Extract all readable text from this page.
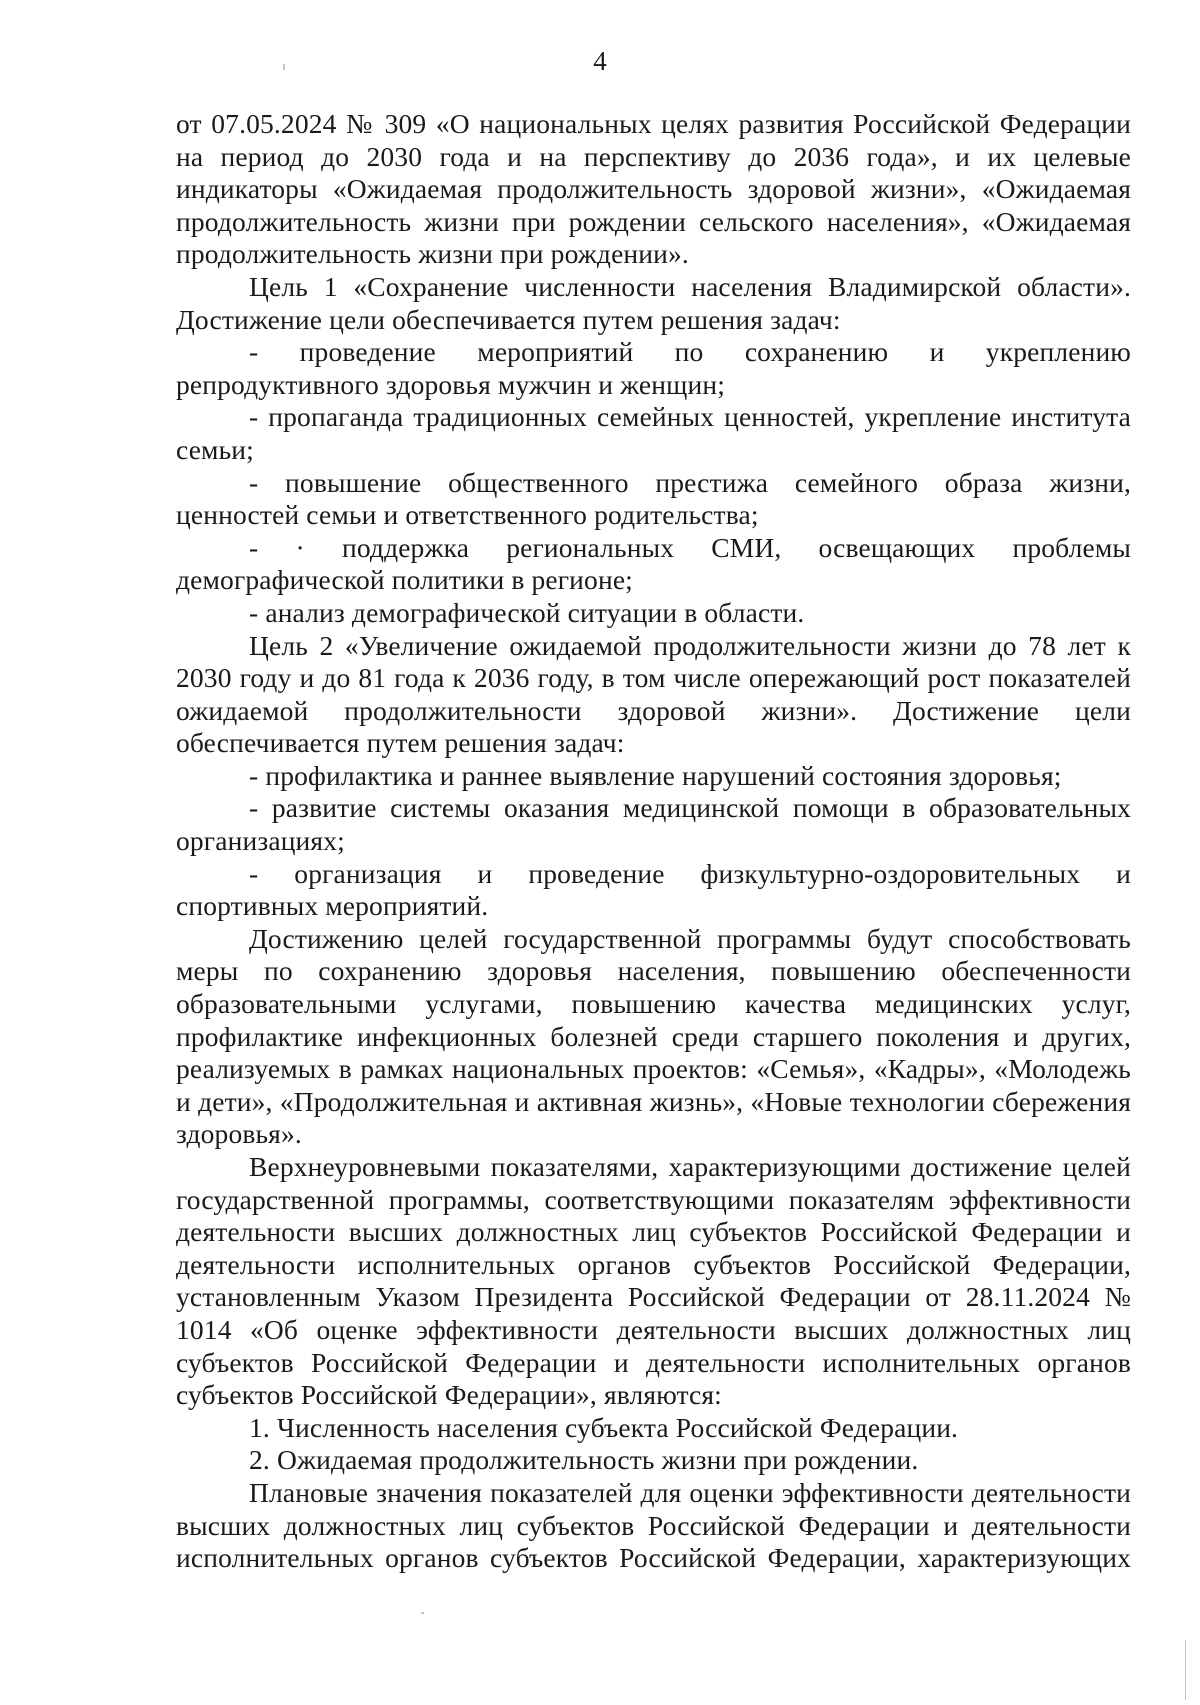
4

от 07.05.2024 № 309 «О национальных целях развития Российской Федерации на период до 2030 года и на перспективу до 2036 года», и их целевые индикаторы «Ожидаемая продолжительность здоровой жизни», «Ожидаемая продолжительность жизни при рождении сельского населения», «Ожидаемая продолжительность жизни при рождении».

Цель 1 «Сохранение численности населения Владимирской области». Достижение цели обеспечивается путем решения задач:

- проведение мероприятий по сохранению и укреплению репродуктивного здоровья мужчин и женщин;

- пропаганда традиционных семейных ценностей, укрепление института семьи;

- повышение общественного престижа семейного образа жизни, ценностей семьи и ответственного родительства;

- · поддержка региональных СМИ, освещающих проблемы демографической политики в регионе;

- анализ демографической ситуации в области.

Цель 2 «Увеличение ожидаемой продолжительности жизни до 78 лет к 2030 году и до 81 года к 2036 году, в том числе опережающий рост показателей ожидаемой продолжительности здоровой жизни». Достижение цели обеспечивается путем решения задач:

- профилактика и раннее выявление нарушений состояния здоровья;

- развитие системы оказания медицинской помощи в образовательных организациях;

- организация и проведение физкультурно-оздоровительных и спортивных мероприятий.

Достижению целей государственной программы будут способствовать меры по сохранению здоровья населения, повышению обеспеченности образовательными услугами, повышению качества медицинских услуг, профилактике инфекционных болезней среди старшего поколения и других, реализуемых в рамках национальных проектов: «Семья», «Кадры», «Молодежь и дети», «Продолжительная и активная жизнь», «Новые технологии сбережения здоровья».

Верхнеуровневыми показателями, характеризующими достижение целей государственной программы, соответствующими показателям эффективности деятельности высших должностных лиц субъектов Российской Федерации и деятельности исполнительных органов субъектов Российской Федерации, установленным Указом Президента Российской Федерации от 28.11.2024 № 1014 «Об оценке эффективности деятельности высших должностных лиц субъектов Российской Федерации и деятельности исполнительных органов субъектов Российской Федерации», являются:

1. Численность населения субъекта Российской Федерации.

2. Ожидаемая продолжительность жизни при рождении.

Плановые значения показателей для оценки эффективности деятельности высших должностных лиц субъектов Российской Федерации и деятельности исполнительных органов субъектов Российской Федерации, характеризующих
